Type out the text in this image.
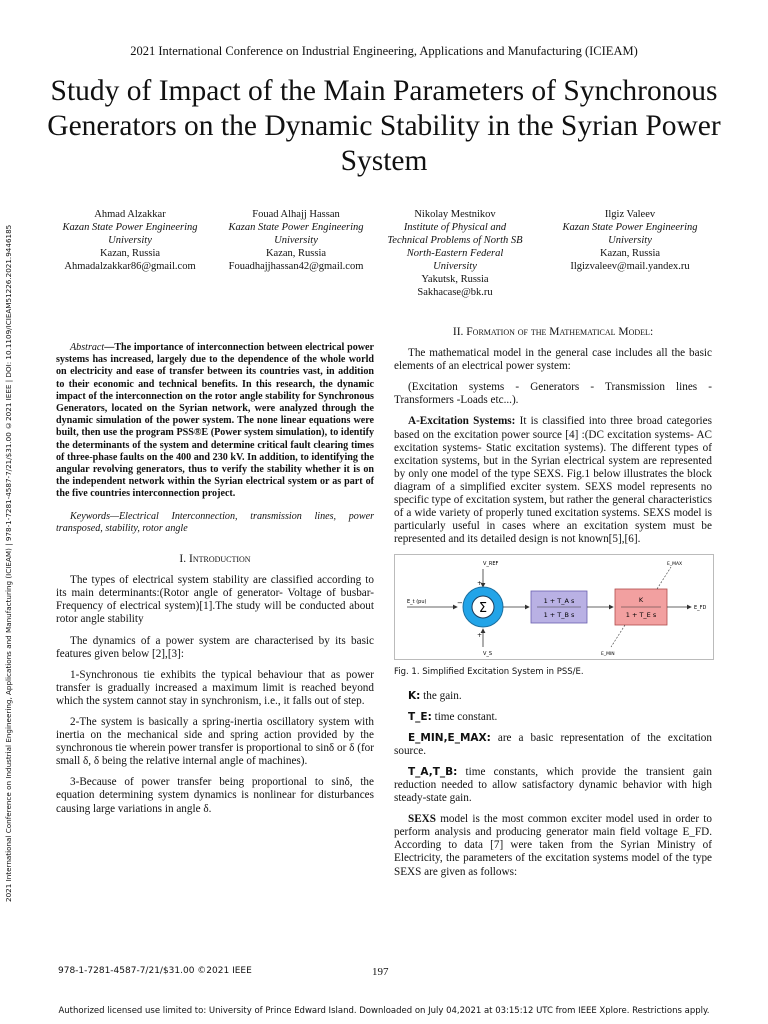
2021 International Conference on Industrial Engineering, Applications and Manufacturing (ICIEAM) | 978-1-7281-4587-7/21/$31.00 ©2021 IEEE | DOI: 10.1109/ICIEAM51226.2021.9446185
2021 International Conference on Industrial Engineering, Applications and Manufacturing (ICIEAM)
Study of Impact of the Main Parameters of Synchronous Generators on the Dynamic Stability in the Syrian Power System
Ahmad Alzakkar
Kazan State Power Engineering University
Kazan, Russia
Ahmadalzakkar86@gmail.com
Fouad Alhajj Hassan
Kazan State Power Engineering University
Kazan, Russia
Fouadhajjhassan42@gmail.com
Nikolay Mestnikov
Institute of Physical and Technical Problems of North SB North-Eastern Federal University
Yakutsk, Russia
Sakhacase@bk.ru
Ilgiz Valeev
Kazan State Power Engineering University
Kazan, Russia
Ilgizvaleev@mail.yandex.ru

Abstract—The importance of interconnection between electrical power systems has increased, largely due to the dependence of the whole world on electricity and ease of transfer between its countries vast, in addition to their economic and technical benefits. In this research, the dynamic impact of the interconnection on the rotor angle stability for Synchronous Generators, located on the Syrian network, were analyzed through the dynamic simulation of the power system. The none linear equations were built, then use the program PSS®E (Power system simulation), to identify the determinants of the system and determine critical fault clearing times of three-phase faults on the 400 and 230 kV. In addition, to identifying the angular revolving generators, thus to verify the stability whether it is on the independent network within the Syrian electrical system or as part of the five countries interconnection project.

Keywords—Electrical Interconnection, transmission lines, power transposed, stability, rotor angle

I. Introduction

The types of electrical system stability are classified according to its main determinants:(Rotor angle of generator- Voltage of busbar- Frequency of electrical system)[1].The study will be conducted about rotor angle stability

The dynamics of a power system are characterised by its basic features given below [2],[3]:

1-Synchronous tie exhibits the typical behaviour that as power transfer is gradually increased a maximum limit is reached beyond which the system cannot stay in synchronism, i.e., it falls out of step.

2-The system is basically a spring-inertia oscillatory system with inertia on the mechanical side and spring action provided by the synchronous tie wherein power transfer is proportional to sinδ or δ (for small δ, δ being the relative internal angle of machines).

3-Because of power transfer being proportional to sinδ, the equation determining system dynamics is nonlinear for disturbances causing large variations in angle δ.

II. Formation of the Mathematical Model:

The mathematical model in the general case includes all the basic elements of an electrical power system:

(Excitation systems - Generators - Transmission lines - Transformers -Loads etc...).

A-Excitation Systems: It is classified into three broad categories based on the excitation power source [4] :(DC excitation systems- AC excitation systems- Static excitation systems). The different types of excitation systems, but in the Syrian electrical system are represented by only one model of the type SEXS. Fig.1 below illustrates the block diagram of a simplified exciter system. SEXS model represents no specific type of excitation system, but rather the general characteristics of a wide variety of properly tuned excitation systems. SEXS model is particularly useful in cases where an excitation system must be represented and its detailed design is not known[5],[6].

E_t (pu)
V_REF
+
−
V_S
+
Σ	1 + T_A s
1 + T_B s
K
1 + T_E s
E_MAX
E_MIN
E_FD
Fig. 1. Simplified Excitation System in PSS/E.

K: the gain.

T_E: time constant.

E_MIN,E_MAX: are a basic representation of the excitation source.

T_A,T_B: time constants, which provide the transient gain reduction needed to allow satisfactory dynamic behavior with high steady-state gain.

SEXS model is the most common exciter model used in order to perform analysis and producing generator main field voltage E_FD. According to data [7] were taken from the Syrian Ministry of Electricity, the parameters of the excitation systems model of the type SEXS are given as follows:

978-1-7281-4587-7/21/$31.00 ©2021 IEEE	197
Authorized licensed use limited to: University of Prince Edward Island. Downloaded on July 04,2021 at 03:15:12 UTC from IEEE Xplore. Restrictions apply.
